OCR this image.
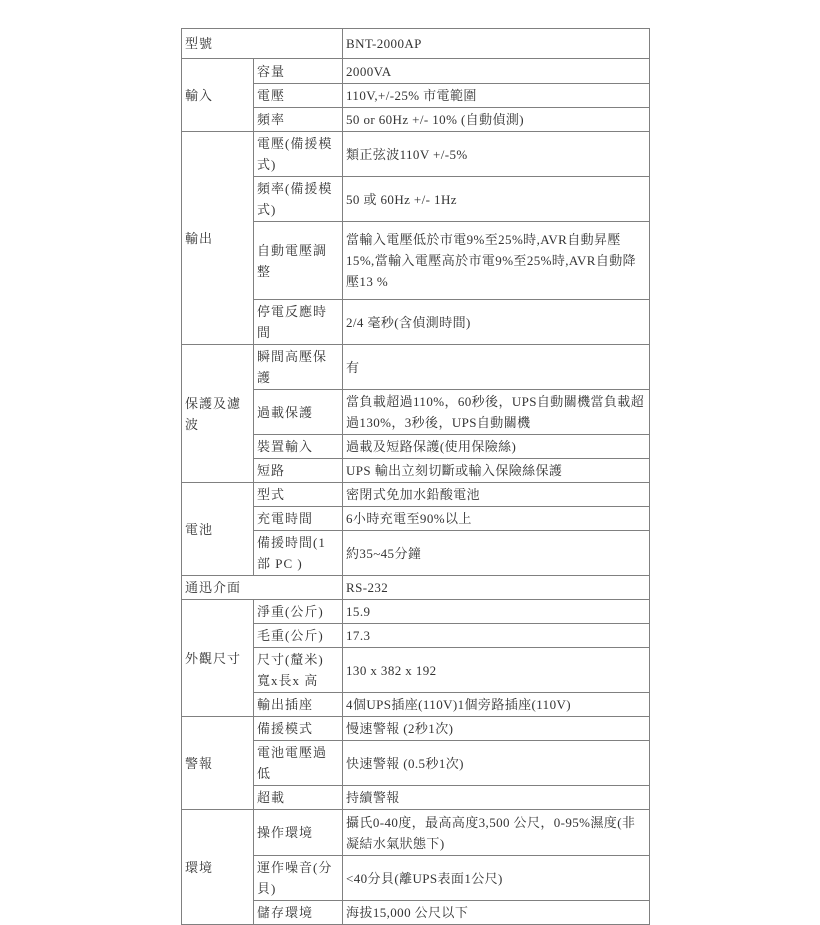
型號		BNT-2000AP
輸入	容量	2000VA
	電壓	110V,+/-25% 市電範圍
	頻率	50 or 60Hz +/- 10% (自動偵測)
輸出	電壓(備援模式)	類正弦波110V +/-5%
	頻率(備援模式)	50 或 60Hz +/- 1Hz
	自動電壓調整	當輸入電壓低於市電9%至25%時,AVR自動昇壓15%,當輸入電壓高於市電9%至25%時,AVR自動降壓13 %
	停電反應時間	2/4 毫秒(含偵測時間)
保護及濾波	瞬間高壓保護	有
	過載保護	當負載超過110%，60秒後，UPS自動關機當負載超過130%，3秒後，UPS自動關機
	裝置輸入	過載及短路保護(使用保險絲)
	短路	UPS 輸出立刻切斷或輸入保險絲保護
電池	型式	密閉式免加水鉛酸電池
	充電時間	6小時充電至90%以上
	備援時間(1 部 PC )	約35~45分鐘
通迅介面		RS-232
外觀尺寸	淨重(公斤)	15.9
	毛重(公斤)	17.3
	尺寸(釐米) 寬x長x 高	130 x 382 x 192
	輸出插座	4個UPS插座(110V)1個旁路插座(110V)
警報	備援模式	慢速警報 (2秒1次)
	電池電壓過低	快速警報 (0.5秒1次)
	超載	持續警報
環境	操作環境	攝氏0-40度，最高高度3,500 公尺，0-95%濕度(非凝結水氣狀態下)
	運作噪音(分貝)	<40分貝(離UPS表面1公尺)
	儲存環境	海拔15,000 公尺以下
